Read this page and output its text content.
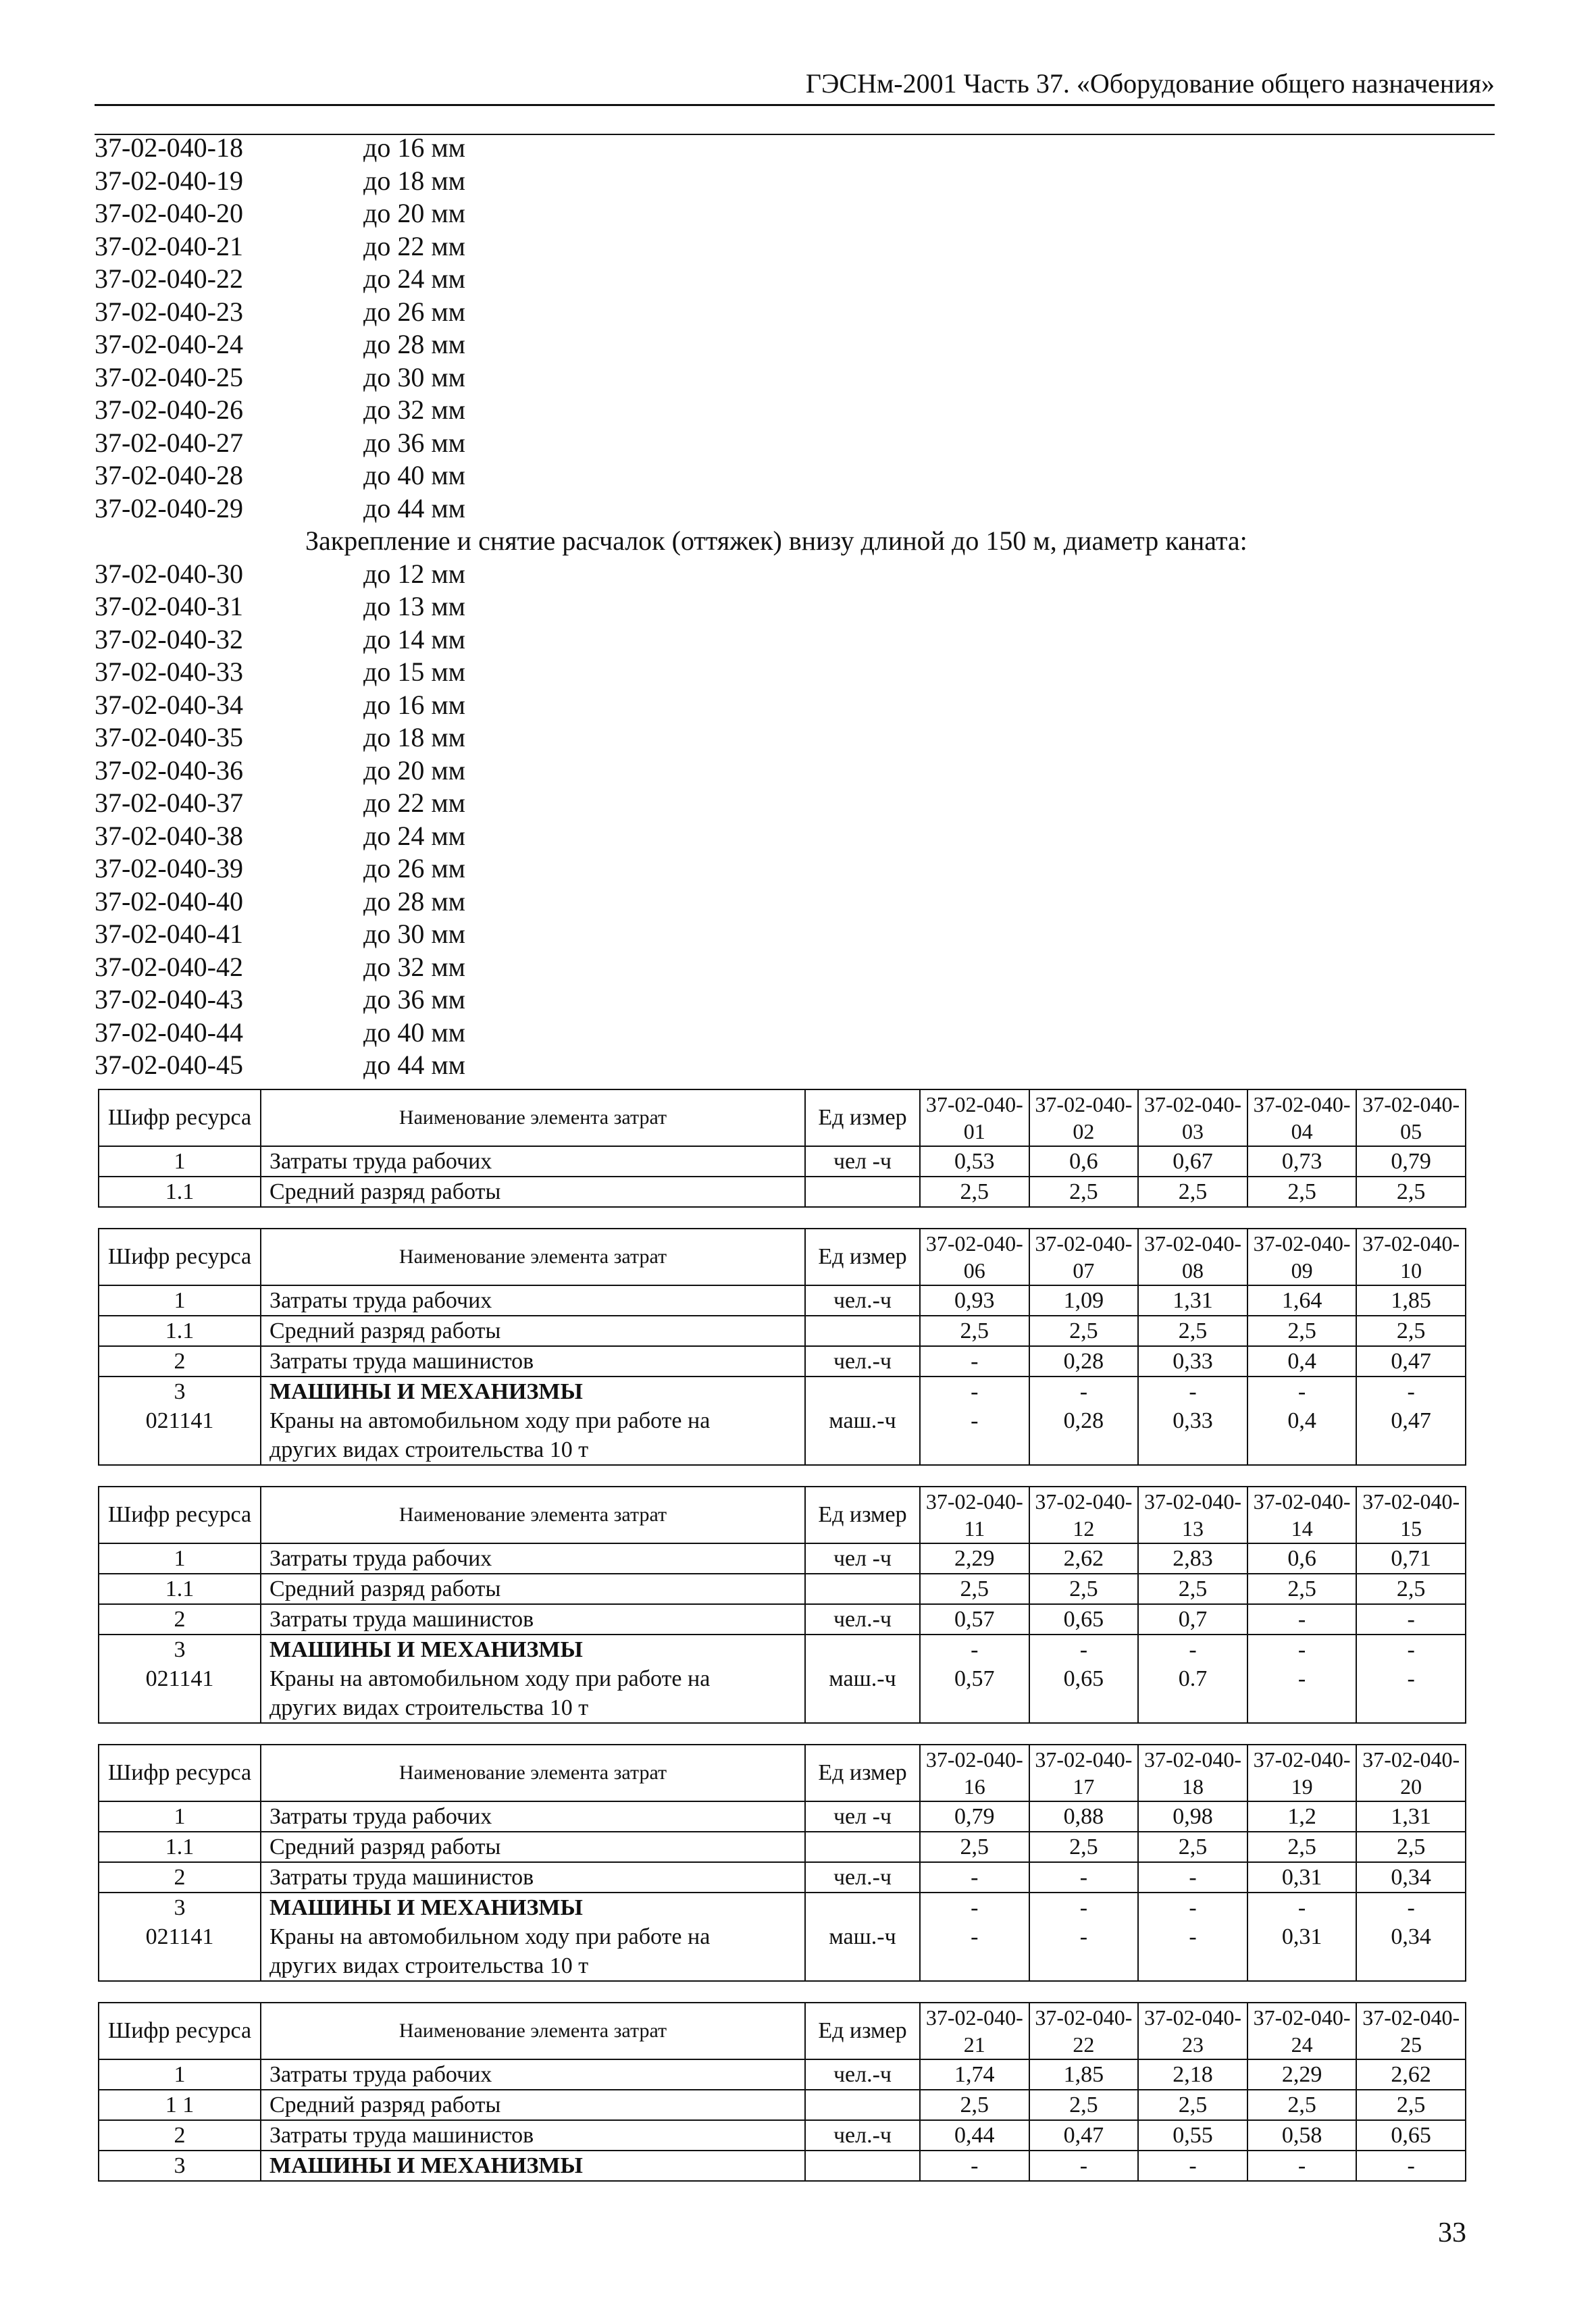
ГЭСНм-2001 Часть 37. «Оборудование общего назначения»
37-02-040-18	до 16 мм
37-02-040-19	до 18 мм
37-02-040-20	до 20 мм
37-02-040-21	до 22 мм
37-02-040-22	до 24 мм
37-02-040-23	до 26 мм
37-02-040-24	до 28 мм
37-02-040-25	до 30 мм
37-02-040-26	до 32 мм
37-02-040-27	до 36 мм
37-02-040-28	до 40 мм
37-02-040-29	до 44 мм
Закрепление и снятие расчалок (оттяжек) внизу длиной до 150 м, диаметр каната:
37-02-040-30	до 12 мм
37-02-040-31	до 13 мм
37-02-040-32	до 14 мм
37-02-040-33	до 15 мм
37-02-040-34	до 16 мм
37-02-040-35	до 18 мм
37-02-040-36	до 20 мм
37-02-040-37	до 22 мм
37-02-040-38	до 24 мм
37-02-040-39	до 26 мм
37-02-040-40	до 28 мм
37-02-040-41	до 30 мм
37-02-040-42	до 32 мм
37-02-040-43	до 36 мм
37-02-040-44	до 40 мм
37-02-040-45	до 44 мм
Шифр ресурса	Наименование элемента затрат	Ед измер	37-02-040-01	37-02-040-02	37-02-040-03	37-02-040-04	37-02-040-05
1	Затраты труда рабочих	чел -ч	0,53	0,6	0,67	0,73	0,79
1.1	Средний разряд работы		2,5	2,5	2,5	2,5	2,5
Шифр ресурса	Наименование элемента затрат	Ед измер	37-02-040-06	37-02-040-07	37-02-040-08	37-02-040-09	37-02-040-10
1	Затраты труда рабочих	чел.-ч	0,93	1,09	1,31	1,64	1,85
1.1	Средний разряд работы		2,5	2,5	2,5	2,5	2,5
2	Затраты труда машинистов	чел.-ч	-	0,28	0,33	0,4	0,47
3	МАШИНЫ И МЕХАНИЗМЫ		-	-	-	-	-
021141	Краны на автомобильном ходу при работе на	маш.-ч	-	0,28	0,33	0,4	0,47
	других видах строительства 10 т						
Шифр ресурса	Наименование элемента затрат	Ед измер	37-02-040-11	37-02-040-12	37-02-040-13	37-02-040-14	37-02-040-15
1	Затраты труда рабочих	чел -ч	2,29	2,62	2,83	0,6	0,71
1.1	Средний разряд работы		2,5	2,5	2,5	2,5	2,5
2	Затраты труда машинистов	чел.-ч	0,57	0,65	0,7	-	-
3	МАШИНЫ И МЕХАНИЗМЫ		-	-	-	-	-
021141	Краны на автомобильном ходу при работе на	маш.-ч	0,57	0,65	0.7	-	-
	других видах строительства 10 т						
Шифр ресурса	Наименование элемента затрат	Ед измер	37-02-040-16	37-02-040-17	37-02-040-18	37-02-040-19	37-02-040-20
1	Затраты труда рабочих	чел -ч	0,79	0,88	0,98	1,2	1,31
1.1	Средний разряд работы		2,5	2,5	2,5	2,5	2,5
2	Затраты труда машинистов	чел.-ч	-	-	-	0,31	0,34
3	МАШИНЫ И МЕХАНИЗМЫ		-	-	-	-	-
021141	Краны на автомобильном ходу при работе на	маш.-ч	-	-	-	0,31	0,34
	других видах строительства 10 т						
Шифр ресурса	Наименование элемента затрат	Ед измер	37-02-040-21	37-02-040-22	37-02-040-23	37-02-040-24	37-02-040-25
1	Затраты труда рабочих	чел.-ч	1,74	1,85	2,18	2,29	2,62
1 1	Средний разряд работы		2,5	2,5	2,5	2,5	2,5
2	Затраты труда машинистов	чел.-ч	0,44	0,47	0,55	0,58	0,65
3	МАШИНЫ И МЕХАНИЗМЫ		-	-	-	-	-
33
